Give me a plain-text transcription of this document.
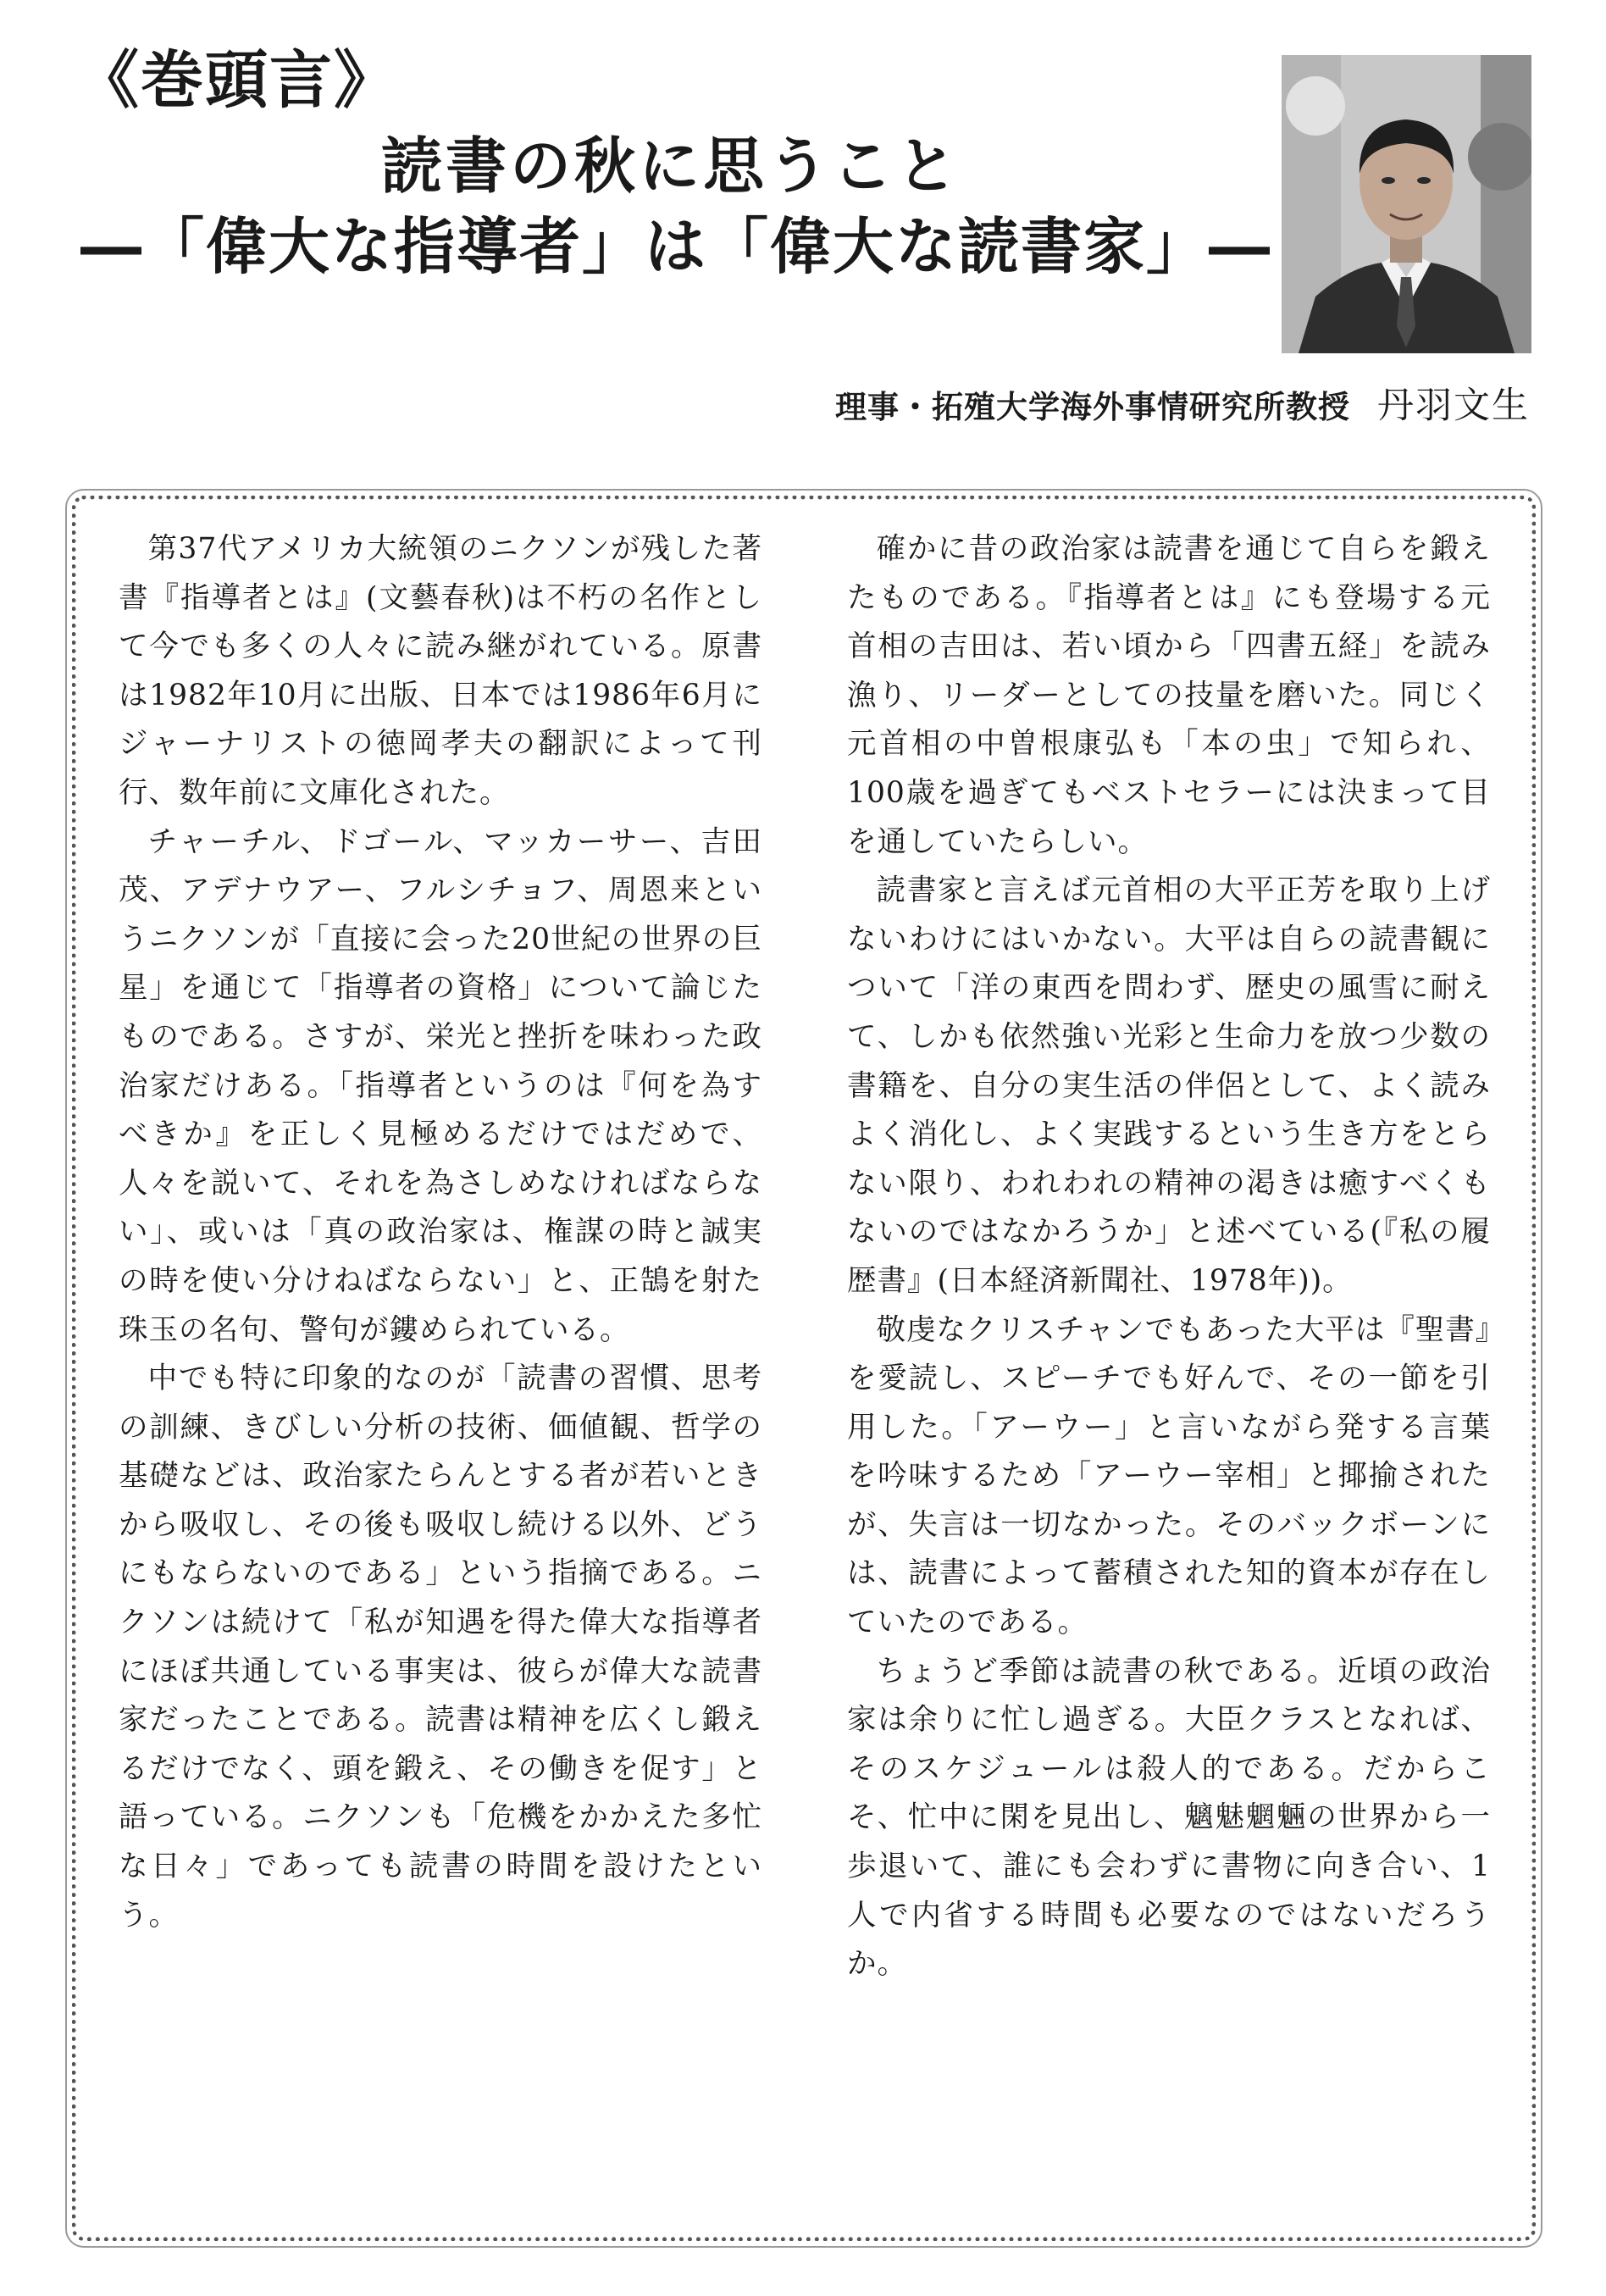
《巻頭言》
読書の秋に思うこと
―「偉大な指導者」は「偉大な読書家」―
理事・拓殖大学海外事情研究所教授 丹羽文生

第37代アメリカ大統領のニクソンが残した著書『指導者とは』(文藝春秋)は不朽の名作として今でも多くの人々に読み継がれている。原書は1982年10月に出版、日本では1986年6月にジャーナリストの徳岡孝夫の翻訳によって刊行、数年前に文庫化された。

チャーチル、ドゴール、マッカーサー、吉田茂、アデナウアー、フルシチョフ、周恩来というニクソンが「直接に会った20世紀の世界の巨星」を通じて「指導者の資格」について論じたものである。さすが、栄光と挫折を味わった政治家だけある。「指導者というのは『何を為すべきか』を正しく見極めるだけではだめで、人々を説いて、それを為さしめなければならない」、或いは「真の政治家は、権謀の時と誠実の時を使い分けねばならない」と、正鵠を射た珠玉の名句、警句が鏤められている。

中でも特に印象的なのが「読書の習慣、思考の訓練、きびしい分析の技術、価値観、哲学の基礎などは、政治家たらんとする者が若いときから吸収し、その後も吸収し続ける以外、どうにもならないのである」という指摘である。ニクソンは続けて「私が知遇を得た偉大な指導者にほぼ共通している事実は、彼らが偉大な読書家だったことである。読書は精神を広くし鍛えるだけでなく、頭を鍛え、その働きを促す」と語っている。ニクソンも「危機をかかえた多忙な日々」であっても読書の時間を設けたという。

確かに昔の政治家は読書を通じて自らを鍛えたものである。『指導者とは』にも登場する元首相の吉田は、若い頃から「四書五経」を読み漁り、リーダーとしての技量を磨いた。同じく元首相の中曽根康弘も「本の虫」で知られ、100歳を過ぎてもベストセラーには決まって目を通していたらしい。

読書家と言えば元首相の大平正芳を取り上げないわけにはいかない。大平は自らの読書観について「洋の東西を問わず、歴史の風雪に耐えて、しかも依然強い光彩と生命力を放つ少数の書籍を、自分の実生活の伴侶として、よく読みよく消化し、よく実践するという生き方をとらない限り、われわれの精神の渇きは癒すべくもないのではなかろうか」と述べている(『私の履歴書』(日本経済新聞社、1978年))。

敬虔なクリスチャンでもあった大平は『聖書』を愛読し、スピーチでも好んで、その一節を引用した。「アーウー」と言いながら発する言葉を吟味するため「アーウー宰相」と揶揄されたが、失言は一切なかった。そのバックボーンには、読書によって蓄積された知的資本が存在していたのである。

ちょうど季節は読書の秋である。近頃の政治家は余りに忙し過ぎる。大臣クラスとなれば、そのスケジュールは殺人的である。だからこそ、忙中に閑を見出し、魑魅魍魎の世界から一歩退いて、誰にも会わずに書物に向き合い、1人で内省する時間も必要なのではないだろうか。
